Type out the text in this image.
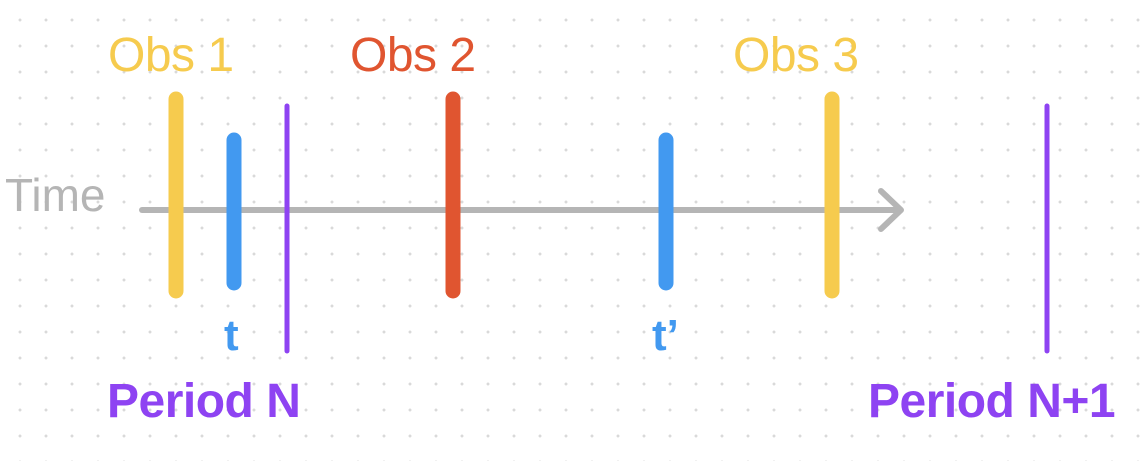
Obs 1 Obs 2	Obs 3
Time
t	t’
Period N	Period N+1
